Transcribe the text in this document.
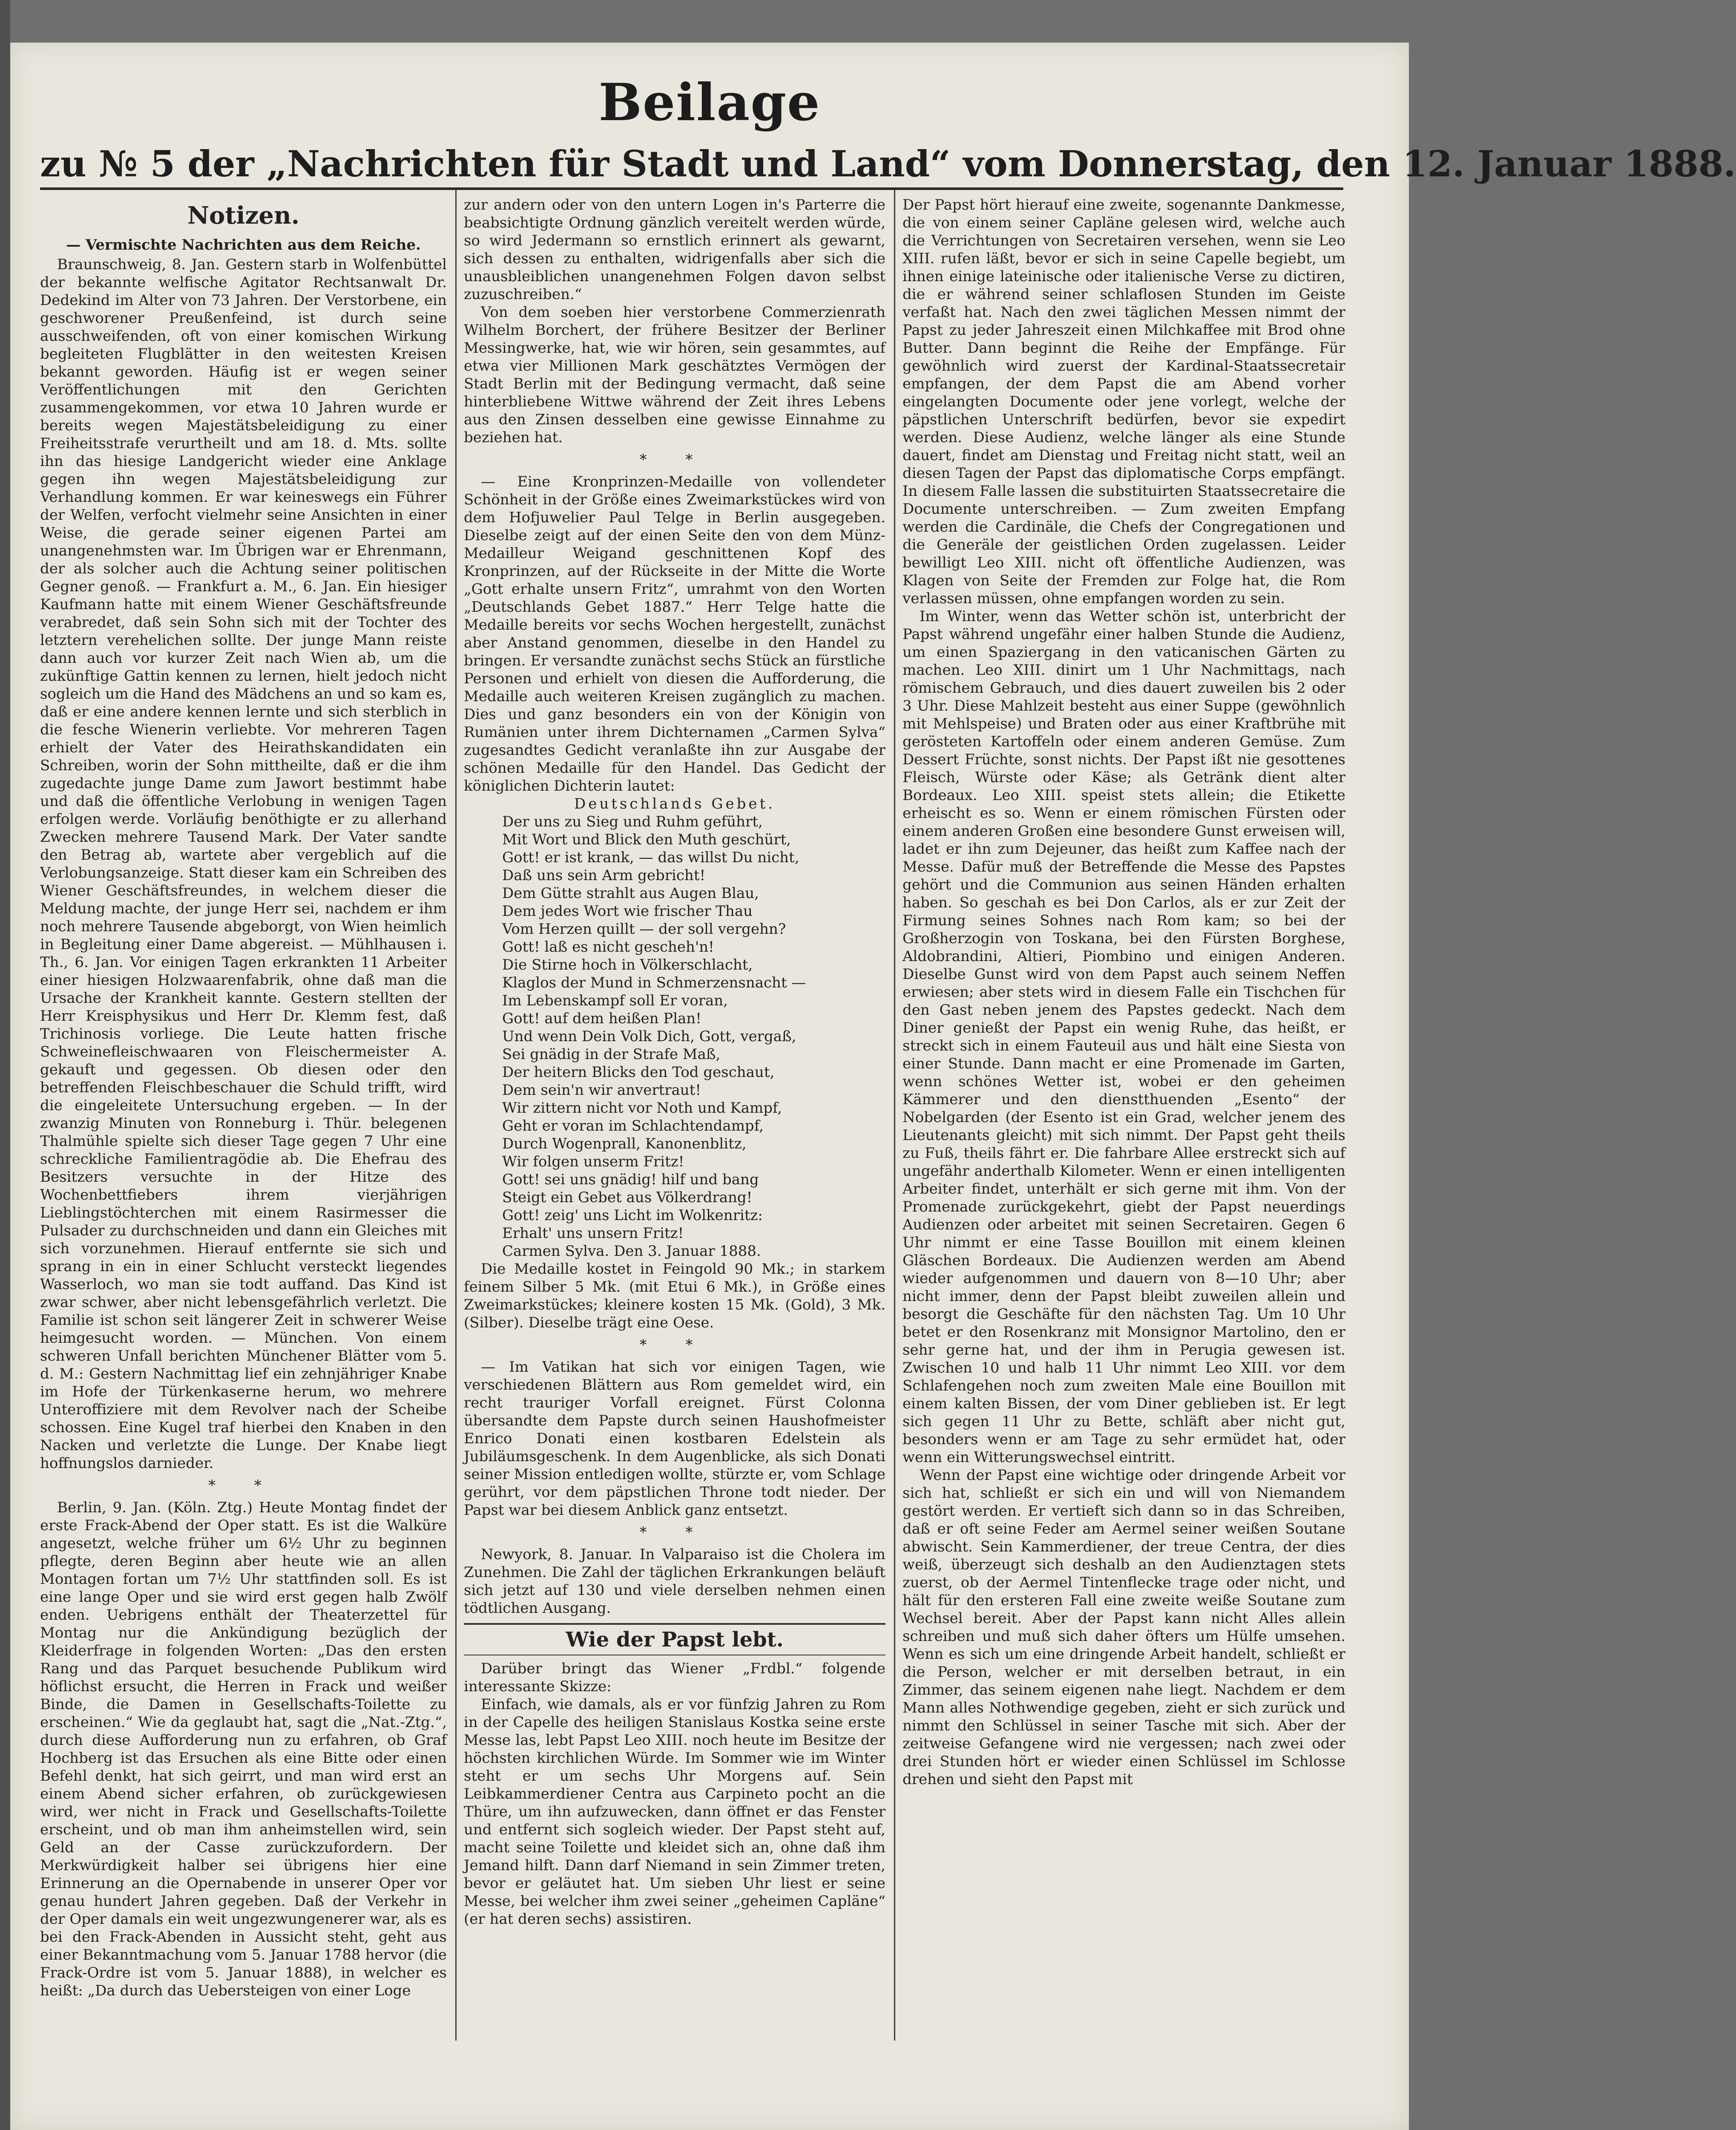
Beilage
zu № 5 der „Nachrichten für Stadt und Land“ vom Donnerstag, den 12. Januar 1888.
Notizen.
— Vermischte Nachrichten aus dem Reiche.

Braunschweig, 8. Jan. Gestern starb in Wolfenbüttel der bekannte welfische Agitator Rechtsanwalt Dr. Dedekind im Alter von 73 Jahren. Der Verstorbene, ein geschworener Preußenfeind, ist durch seine ausschweifenden, oft von einer komischen Wirkung begleiteten Flugblätter in den weitesten Kreisen bekannt geworden. Häufig ist er wegen seiner Veröffentlichungen mit den Gerichten zusammengekommen, vor etwa 10 Jahren wurde er bereits wegen Majestätsbeleidigung zu einer Freiheitsstrafe verurtheilt und am 18. d. Mts. sollte ihn das hiesige Landgericht wieder eine Anklage gegen ihn wegen Majestätsbeleidigung zur Verhandlung kommen. Er war keineswegs ein Führer der Welfen, verfocht vielmehr seine Ansichten in einer Weise, die gerade seiner eigenen Partei am unangenehmsten war. Im Übrigen war er Ehrenmann, der als solcher auch die Achtung seiner politischen Gegner genoß. — Frankfurt a. M., 6. Jan. Ein hiesiger Kaufmann hatte mit einem Wiener Geschäftsfreunde verabredet, daß sein Sohn sich mit der Tochter des letztern verehelichen sollte. Der junge Mann reiste dann auch vor kurzer Zeit nach Wien ab, um die zukünftige Gattin kennen zu lernen, hielt jedoch nicht sogleich um die Hand des Mädchens an und so kam es, daß er eine andere kennen lernte und sich sterblich in die fesche Wienerin verliebte. Vor mehreren Tagen erhielt der Vater des Heirathskandidaten ein Schreiben, worin der Sohn mittheilte, daß er die ihm zugedachte junge Dame zum Jawort bestimmt habe und daß die öffentliche Verlobung in wenigen Tagen erfolgen werde. Vorläufig benöthigte er zu allerhand Zwecken mehrere Tausend Mark. Der Vater sandte den Betrag ab, wartete aber vergeblich auf die Verlobungsanzeige. Statt dieser kam ein Schreiben des Wiener Geschäftsfreundes, in welchem dieser die Meldung machte, der junge Herr sei, nachdem er ihm noch mehrere Tausende abgeborgt, von Wien heimlich in Begleitung einer Dame abgereist. — Mühlhausen i. Th., 6. Jan. Vor einigen Tagen erkrankten 11 Arbeiter einer hiesigen Holzwaarenfabrik, ohne daß man die Ursache der Krankheit kannte. Gestern stellten der Herr Kreisphysikus und Herr Dr. Klemm fest, daß Trichinosis vorliege. Die Leute hatten frische Schweinefleischwaaren von Fleischermeister A. gekauft und gegessen. Ob diesen oder den betreffenden Fleischbeschauer die Schuld trifft, wird die eingeleitete Untersuchung ergeben. — In der zwanzig Minuten von Ronneburg i. Thür. belegenen Thalmühle spielte sich dieser Tage gegen 7 Uhr eine schreckliche Familientragödie ab. Die Ehefrau des Besitzers versuchte in der Hitze des Wochenbettfiebers ihrem vierjährigen Lieblingstöchterchen mit einem Rasirmesser die Pulsader zu durchschneiden und dann ein Gleiches mit sich vorzunehmen. Hierauf entfernte sie sich und sprang in ein in einer Schlucht versteckt liegendes Wasserloch, wo man sie todt auffand. Das Kind ist zwar schwer, aber nicht lebensgefährlich verletzt. Die Familie ist schon seit längerer Zeit in schwerer Weise heimgesucht worden. — München. Von einem schweren Unfall berichten Münchener Blätter vom 5. d. M.: Gestern Nachmittag lief ein zehnjähriger Knabe im Hofe der Türkenkaserne herum, wo mehrere Unteroffiziere mit dem Revolver nach der Scheibe schossen. Eine Kugel traf hierbei den Knaben in den Nacken und verletzte die Lunge. Der Knabe liegt hoffnungslos darnieder.

* *

Berlin, 9. Jan. (Köln. Ztg.) Heute Montag findet der erste Frack-Abend der Oper statt. Es ist die Walküre angesetzt, welche früher um 6½ Uhr zu beginnen pflegte, deren Beginn aber heute wie an allen Montagen fortan um 7½ Uhr stattfinden soll. Es ist eine lange Oper und sie wird erst gegen halb Zwölf enden. Uebrigens enthält der Theaterzettel für Montag nur die Ankündigung bezüglich der Kleiderfrage in folgenden Worten: „Das den ersten Rang und das Parquet besuchende Publikum wird höflichst ersucht, die Herren in Frack und weißer Binde, die Damen in Gesellschafts-Toilette zu erscheinen.“ Wie da geglaubt hat, sagt die „Nat.-Ztg.“, durch diese Aufforderung nun zu erfahren, ob Graf Hochberg ist das Ersuchen als eine Bitte oder einen Befehl denkt, hat sich geirrt, und man wird erst an einem Abend sicher erfahren, ob zurückgewiesen wird, wer nicht in Frack und Gesellschafts-Toilette erscheint, und ob man ihm anheimstellen wird, sein Geld an der Casse zurückzufordern. Der Merkwürdigkeit halber sei übrigens hier eine Erinnerung an die Opernabende in unserer Oper vor genau hundert Jahren gegeben. Daß der Verkehr in der Oper damals ein weit ungezwungenerer war, als es bei den Frack-Abenden in Aussicht steht, geht aus einer Bekanntmachung vom 5. Januar 1788 hervor (die Frack-Ordre ist vom 5. Januar 1888), in welcher es heißt: „Da durch das Uebersteigen von einer Loge

zur andern oder von den untern Logen in's Parterre die beabsichtigte Ordnung gänzlich vereitelt werden würde, so wird Jedermann so ernstlich erinnert als gewarnt, sich dessen zu enthalten, widrigenfalls aber sich die unausbleiblichen unangenehmen Folgen davon selbst zuzuschreiben.“

Von dem soeben hier verstorbene Commerzienrath Wilhelm Borchert, der frühere Besitzer der Berliner Messingwerke, hat, wie wir hören, sein gesammtes, auf etwa vier Millionen Mark geschätztes Vermögen der Stadt Berlin mit der Bedingung vermacht, daß seine hinterbliebene Wittwe während der Zeit ihres Lebens aus den Zinsen desselben eine gewisse Einnahme zu beziehen hat.

* *

— Eine Kronprinzen-Medaille von vollendeter Schönheit in der Größe eines Zweimarkstückes wird von dem Hofjuwelier Paul Telge in Berlin ausgegeben. Dieselbe zeigt auf der einen Seite den von dem Münz-Medailleur Weigand geschnittenen Kopf des Kronprinzen, auf der Rückseite in der Mitte die Worte „Gott erhalte unsern Fritz“, umrahmt von den Worten „Deutschlands Gebet 1887.“ Herr Telge hatte die Medaille bereits vor sechs Wochen hergestellt, zunächst aber Anstand genommen, dieselbe in den Handel zu bringen. Er versandte zunächst sechs Stück an fürstliche Personen und erhielt von diesen die Aufforderung, die Medaille auch weiteren Kreisen zugänglich zu machen. Dies und ganz besonders ein von der Königin von Rumänien unter ihrem Dichternamen „Carmen Sylva“ zugesandtes Gedicht veranlaßte ihn zur Ausgabe der schönen Medaille für den Handel. Das Gedicht der königlichen Dichterin lautet:

Deutschlands Gebet.
Der uns zu Sieg und Ruhm geführt,
Mit Wort und Blick den Muth geschürt,
Gott! er ist krank, — das willst Du nicht,
Daß uns sein Arm gebricht!
Dem Gütte strahlt aus Augen Blau,
Dem jedes Wort wie frischer Thau
Vom Herzen quillt — der soll vergehn?
Gott! laß es nicht gescheh'n!
Die Stirne hoch in Völkerschlacht,
Klaglos der Mund in Schmerzensnacht —
Im Lebenskampf soll Er voran,
Gott! auf dem heißen Plan!
Und wenn Dein Volk Dich, Gott, vergaß,
Sei gnädig in der Strafe Maß,
Der heitern Blicks den Tod geschaut,
Dem sein'n wir anvertraut!
Wir zittern nicht vor Noth und Kampf,
Geht er voran im Schlachtendampf,
Durch Wogenprall, Kanonenblitz,
Wir folgen unserm Fritz!
Gott! sei uns gnädig! hilf und bang
Steigt ein Gebet aus Völkerdrang!
Gott! zeig' uns Licht im Wolkenritz:
Erhalt' uns unsern Fritz!
Carmen Sylva. Den 3. Januar 1888.

Die Medaille kostet in Feingold 90 Mk.; in starkem feinem Silber 5 Mk. (mit Etui 6 Mk.), in Größe eines Zweimarkstückes; kleinere kosten 15 Mk. (Gold), 3 Mk. (Silber). Dieselbe trägt eine Oese.

* *

— Im Vatikan hat sich vor einigen Tagen, wie verschiedenen Blättern aus Rom gemeldet wird, ein recht trauriger Vorfall ereignet. Fürst Colonna übersandte dem Papste durch seinen Haushofmeister Enrico Donati einen kostbaren Edelstein als Jubiläumsgeschenk. In dem Augenblicke, als sich Donati seiner Mission entledigen wollte, stürzte er, vom Schlage gerührt, vor dem päpstlichen Throne todt nieder. Der Papst war bei diesem Anblick ganz entsetzt.

* *

Newyork, 8. Januar. In Valparaiso ist die Cholera im Zunehmen. Die Zahl der täglichen Erkrankungen beläuft sich jetzt auf 130 und viele derselben nehmen einen tödtlichen Ausgang.

Wie der Papst lebt.

Darüber bringt das Wiener „Frdbl.“ folgende interessante Skizze:

Einfach, wie damals, als er vor fünfzig Jahren zu Rom in der Capelle des heiligen Stanislaus Kostka seine erste Messe las, lebt Papst Leo XIII. noch heute im Besitze der höchsten kirchlichen Würde. Im Sommer wie im Winter steht er um sechs Uhr Morgens auf. Sein Leibkammerdiener Centra aus Carpineto pocht an die Thüre, um ihn aufzuwecken, dann öffnet er das Fenster und entfernt sich sogleich wieder. Der Papst steht auf, macht seine Toilette und kleidet sich an, ohne daß ihm Jemand hilft. Dann darf Niemand in sein Zimmer treten, bevor er geläutet hat. Um sieben Uhr liest er seine Messe, bei welcher ihm zwei seiner „geheimen Capläne“ (er hat deren sechs) assistiren.

Der Papst hört hierauf eine zweite, sogenannte Dankmesse, die von einem seiner Capläne gelesen wird, welche auch die Verrichtungen von Secretairen versehen, wenn sie Leo XIII. rufen läßt, bevor er sich in seine Capelle begiebt, um ihnen einige lateinische oder italienische Verse zu dictiren, die er während seiner schlaflosen Stunden im Geiste verfaßt hat. Nach den zwei täglichen Messen nimmt der Papst zu jeder Jahreszeit einen Milchkaffee mit Brod ohne Butter. Dann beginnt die Reihe der Empfänge. Für gewöhnlich wird zuerst der Kardinal-Staatssecretair empfangen, der dem Papst die am Abend vorher eingelangten Documente oder jene vorlegt, welche der päpstlichen Unterschrift bedürfen, bevor sie expedirt werden. Diese Audienz, welche länger als eine Stunde dauert, findet am Dienstag und Freitag nicht statt, weil an diesen Tagen der Papst das diplomatische Corps empfängt. In diesem Falle lassen die substituirten Staatssecretaire die Documente unterschreiben. — Zum zweiten Empfang werden die Cardinäle, die Chefs der Congregationen und die Generäle der geistlichen Orden zugelassen. Leider bewilligt Leo XIII. nicht oft öffentliche Audienzen, was Klagen von Seite der Fremden zur Folge hat, die Rom verlassen müssen, ohne empfangen worden zu sein.

Im Winter, wenn das Wetter schön ist, unterbricht der Papst während ungefähr einer halben Stunde die Audienz, um einen Spaziergang in den vaticanischen Gärten zu machen. Leo XIII. dinirt um 1 Uhr Nachmittags, nach römischem Gebrauch, und dies dauert zuweilen bis 2 oder 3 Uhr. Diese Mahlzeit besteht aus einer Suppe (gewöhnlich mit Mehlspeise) und Braten oder aus einer Kraftbrühe mit gerösteten Kartoffeln oder einem anderen Gemüse. Zum Dessert Früchte, sonst nichts. Der Papst ißt nie gesottenes Fleisch, Würste oder Käse; als Getränk dient alter Bordeaux. Leo XIII. speist stets allein; die Etikette erheischt es so. Wenn er einem römischen Fürsten oder einem anderen Großen eine besondere Gunst erweisen will, ladet er ihn zum Dejeuner, das heißt zum Kaffee nach der Messe. Dafür muß der Betreffende die Messe des Papstes gehört und die Communion aus seinen Händen erhalten haben. So geschah es bei Don Carlos, als er zur Zeit der Firmung seines Sohnes nach Rom kam; so bei der Großherzogin von Toskana, bei den Fürsten Borghese, Aldobrandini, Altieri, Piombino und einigen Anderen. Dieselbe Gunst wird von dem Papst auch seinem Neffen erwiesen; aber stets wird in diesem Falle ein Tischchen für den Gast neben jenem des Papstes gedeckt. Nach dem Diner genießt der Papst ein wenig Ruhe, das heißt, er streckt sich in einem Fauteuil aus und hält eine Siesta von einer Stunde. Dann macht er eine Promenade im Garten, wenn schönes Wetter ist, wobei er den geheimen Kämmerer und den dienstthuenden „Esento“ der Nobelgarden (der Esento ist ein Grad, welcher jenem des Lieutenants gleicht) mit sich nimmt. Der Papst geht theils zu Fuß, theils fährt er. Die fahrbare Allee erstreckt sich auf ungefähr anderthalb Kilometer. Wenn er einen intelligenten Arbeiter findet, unterhält er sich gerne mit ihm. Von der Promenade zurückgekehrt, giebt der Papst neuerdings Audienzen oder arbeitet mit seinen Secretairen. Gegen 6 Uhr nimmt er eine Tasse Bouillon mit einem kleinen Gläschen Bordeaux. Die Audienzen werden am Abend wieder aufgenommen und dauern von 8—10 Uhr; aber nicht immer, denn der Papst bleibt zuweilen allein und besorgt die Geschäfte für den nächsten Tag. Um 10 Uhr betet er den Rosenkranz mit Monsignor Martolino, den er sehr gerne hat, und der ihm in Perugia gewesen ist. Zwischen 10 und halb 11 Uhr nimmt Leo XIII. vor dem Schlafengehen noch zum zweiten Male eine Bouillon mit einem kalten Bissen, der vom Diner geblieben ist. Er legt sich gegen 11 Uhr zu Bette, schläft aber nicht gut, besonders wenn er am Tage zu sehr ermüdet hat, oder wenn ein Witterungswechsel eintritt.

Wenn der Papst eine wichtige oder dringende Arbeit vor sich hat, schließt er sich ein und will von Niemandem gestört werden. Er vertieft sich dann so in das Schreiben, daß er oft seine Feder am Aermel seiner weißen Soutane abwischt. Sein Kammerdiener, der treue Centra, der dies weiß, überzeugt sich deshalb an den Audienztagen stets zuerst, ob der Aermel Tintenflecke trage oder nicht, und hält für den ersteren Fall eine zweite weiße Soutane zum Wechsel bereit. Aber der Papst kann nicht Alles allein schreiben und muß sich daher öfters um Hülfe umsehen. Wenn es sich um eine dringende Arbeit handelt, schließt er die Person, welcher er mit derselben betraut, in ein Zimmer, das seinem eigenen nahe liegt. Nachdem er dem Mann alles Nothwendige gegeben, zieht er sich zurück und nimmt den Schlüssel in seiner Tasche mit sich. Aber der zeitweise Gefangene wird nie vergessen; nach zwei oder drei Stunden hört er wieder einen Schlüssel im Schlosse drehen und sieht den Papst mit
